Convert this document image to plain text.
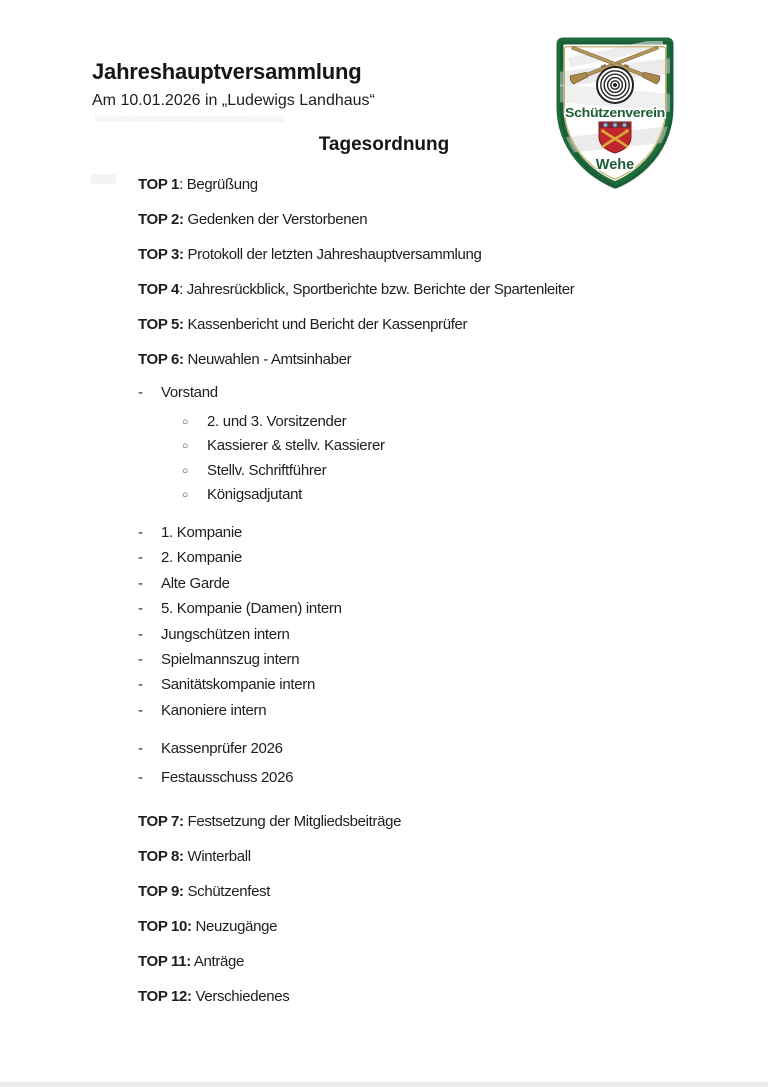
Jahreshauptversammlung
Am 10.01.2026 in „Ludewigs Landhaus“
Tagesordnung
TOP 1: Begrüßung
TOP 2: Gedenken der Verstorbenen
TOP 3: Protokoll der letzten Jahreshauptversammlung
TOP 4: Jahresrückblick, Sportberichte bzw. Berichte der Spartenleiter
TOP 5: Kassenbericht und Bericht der Kassenprüfer
TOP 6: Neuwahlen - Amtsinhaber
-	Vorstand
○	2. und 3. Vorsitzender
○	Kassierer & stellv. Kassierer
○	Stellv. Schriftführer
○	Königsadjutant
-	1. Kompanie
-	2. Kompanie
-	Alte Garde
-	5. Kompanie (Damen) intern
-	Jungschützen intern
-	Spielmannszug intern
-	Sanitätskompanie intern
-	Kanoniere intern
-	Kassenprüfer 2026
-	Festausschuss 2026
TOP 7: Festsetzung der Mitgliedsbeiträge
TOP 8: Winterball
TOP 9: Schützenfest
TOP 10: Neuzugänge
TOP 11: Anträge
TOP 12: Verschiedenes
Schützenverein
Wehe
